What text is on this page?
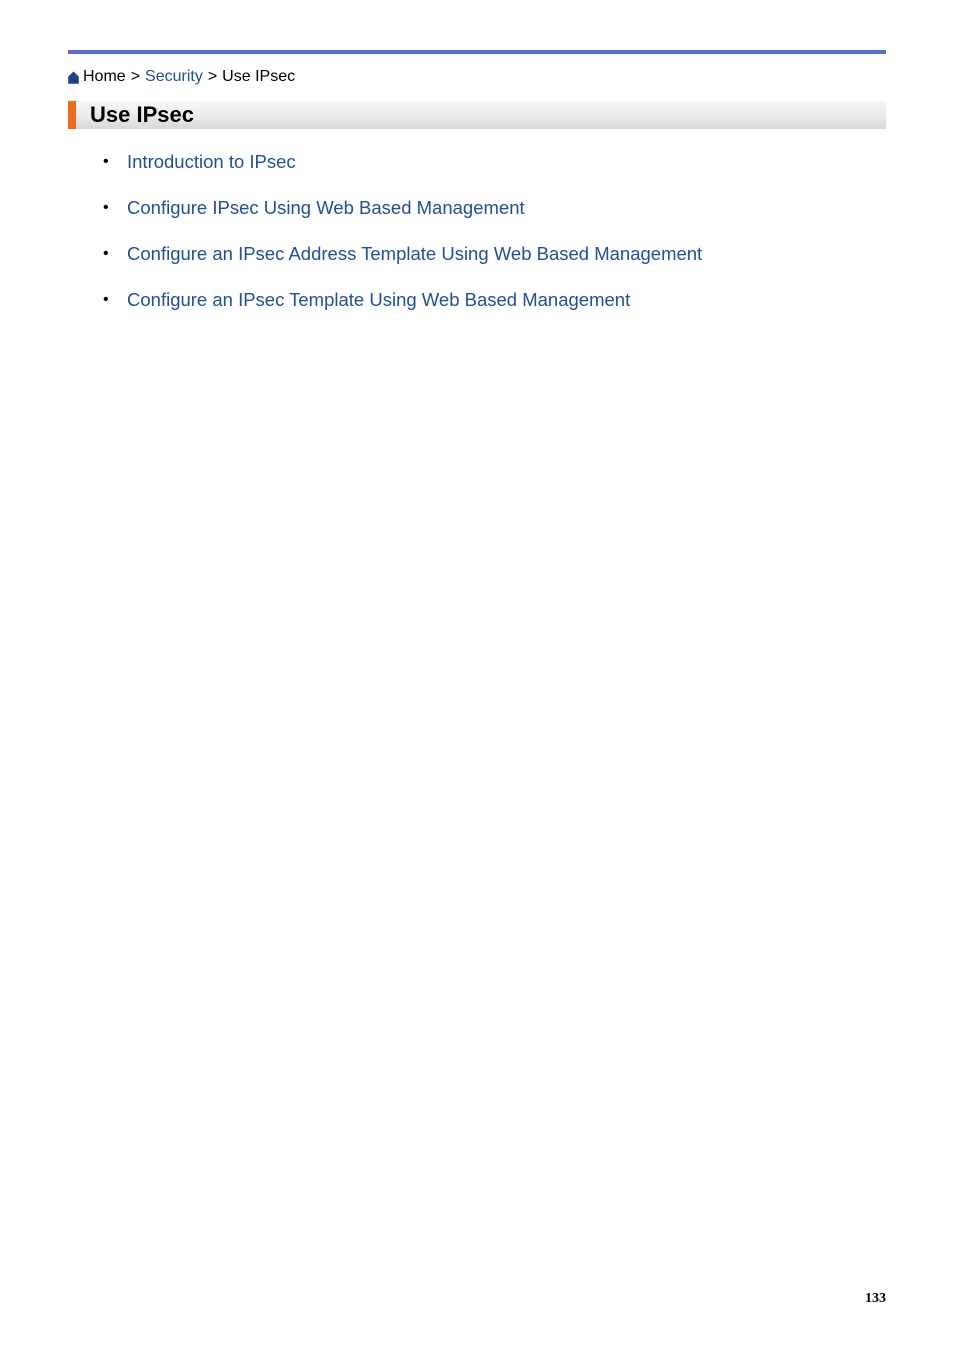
Home > Security > Use IPsec
Use IPsec
• Introduction to IPsec
• Configure IPsec Using Web Based Management
• Configure an IPsec Address Template Using Web Based Management
• Configure an IPsec Template Using Web Based Management
133
